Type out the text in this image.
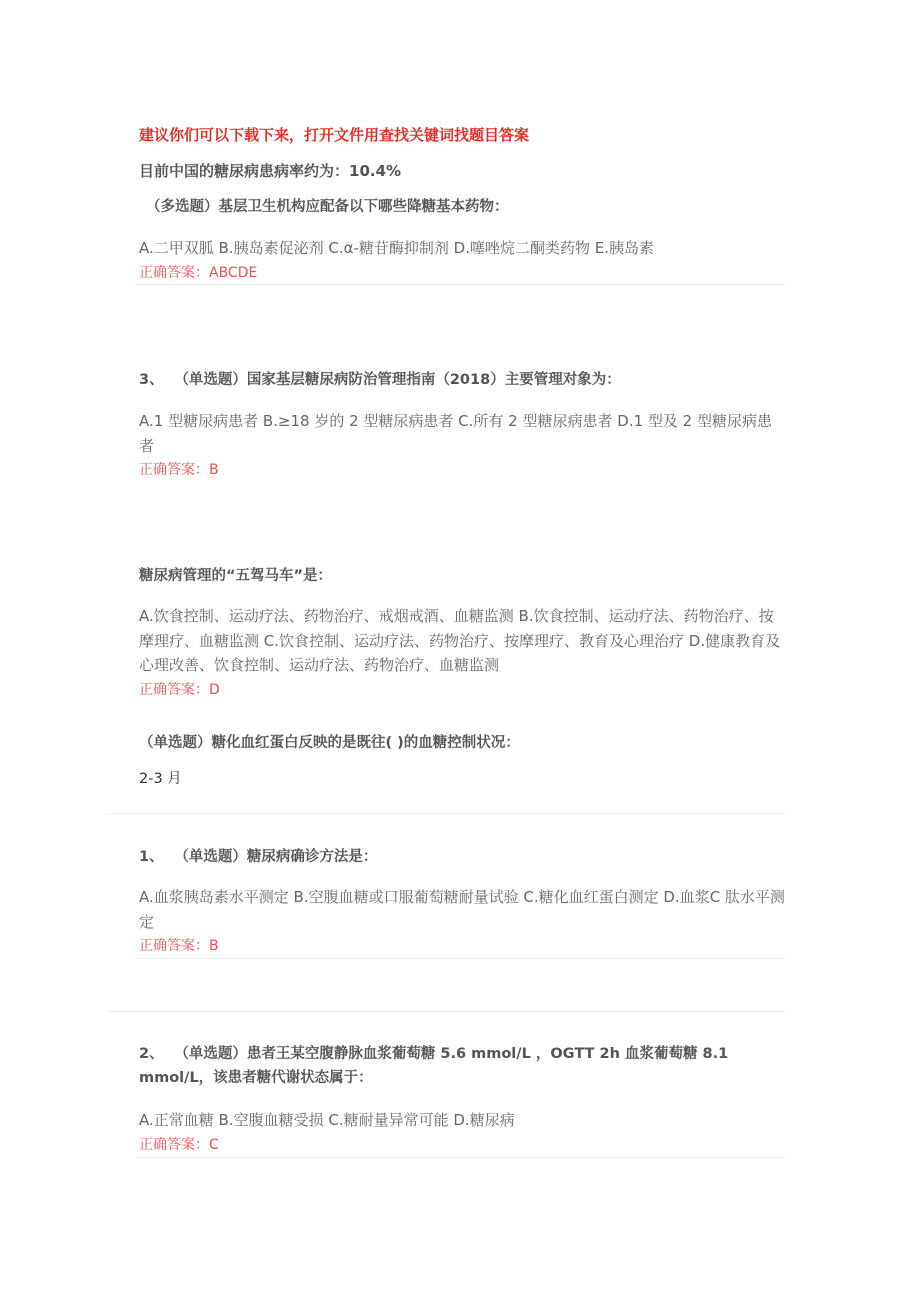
建议你们可以下载下来，打开文件用查找关键词找题目答案
目前中国的糖尿病患病率约为：10.4%
（多选题）基层卫生机构应配备以下哪些降糖基本药物：
A.二甲双胍 B.胰岛素促泌剂 C.α-糖苷酶抑制剂 D.噻唑烷二酮类药物 E.胰岛素
正确答案：ABCDE
3、 （单选题）国家基层糖尿病防治管理指南（2018）主要管理对象为：
A.1 型糖尿病患者 B.≥18 岁的 2 型糖尿病患者 C.所有 2 型糖尿病患者 D.1 型及 2 型糖尿病患者
正确答案：B
糖尿病管理的“五驾马车”是：
A.饮食控制、运动疗法、药物治疗、戒烟戒酒、血糖监测 B.饮食控制、运动疗法、药物治疗、按摩理疗、血糖监测 C.饮食控制、运动疗法、药物治疗、按摩理疗、教育及心理治疗 D.健康教育及心理改善、饮食控制、运动疗法、药物治疗、血糖监测
正确答案：D
（单选题）糖化血红蛋白反映的是既往( )的血糖控制状况：
2-3 月
1、 （单选题）糖尿病确诊方法是：
A.血浆胰岛素水平测定 B.空腹血糖或口服葡萄糖耐量试验 C.糖化血红蛋白测定 D.血浆C 肽水平测定
正确答案：B
2、 （单选题）患者王某空腹静脉血浆葡萄糖 5.6 mmol/L ，OGTT 2h 血浆葡萄糖 8.1 mmol/L，该患者糖代谢状态属于：
A.正常血糖 B.空腹血糖受损 C.糖耐量异常可能 D.糖尿病
正确答案：C
